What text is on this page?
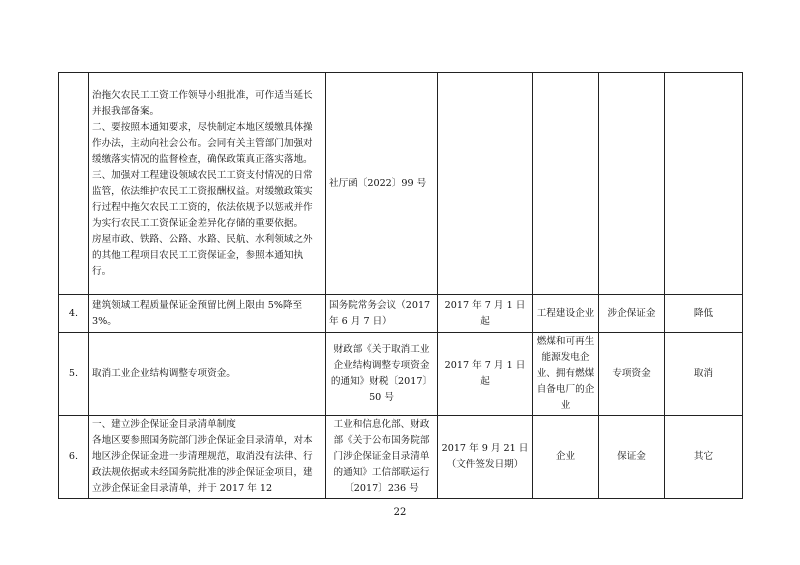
	治拖欠农民工工资工作领导小组批准，可作适当延长并报我部备案。
二、要按照本通知要求，尽快制定本地区缓缴具体操作办法，主动向社会公布。会同有关主管部门加强对缓缴落实情况的监督检查，确保政策真正落实落地。
三、加强对工程建设领域农民工工资支付情况的日常监管，依法维护农民工工资报酬权益。对缓缴政策实行过程中拖欠农民工工资的，依法依规予以惩戒并作为实行农民工工资保证金差异化存储的重要依据。
房屋市政、铁路、公路、水路、民航、水利领域之外的其他工程项目农民工工资保证金，参照本通知执行。	社厅函〔2022〕99 号				
4.	建筑领域工程质量保证金预留比例上限由 5%降至 3%。	国务院常务会议（2017 年 6 月 7 日）	2017 年 7 月 1 日起	工程建设企业	涉企保证金	降低
5.	取消工业企业结构调整专项资金。	财政部《关于取消工业企业结构调整专项资金的通知》财税〔2017〕50 号	2017 年 7 月 1 日起	燃煤和可再生能源发电企业、拥有燃煤自备电厂的企业	专项资金	取消
6.	一、建立涉企保证金目录清单制度
各地区要参照国务院部门涉企保证金目录清单，对本地区涉企保证金进一步清理规范，取消没有法律、行政法规依据或未经国务院批准的涉企保证金项目，建立涉企保证金目录清单，并于 2017 年 12	工业和信息化部、财政部《关于公布国务院部门涉企保证金目录清单的通知》工信部联运行〔2017〕236 号	2017 年 9 月 21 日（文件签发日期）	企业	保证金	其它
22
